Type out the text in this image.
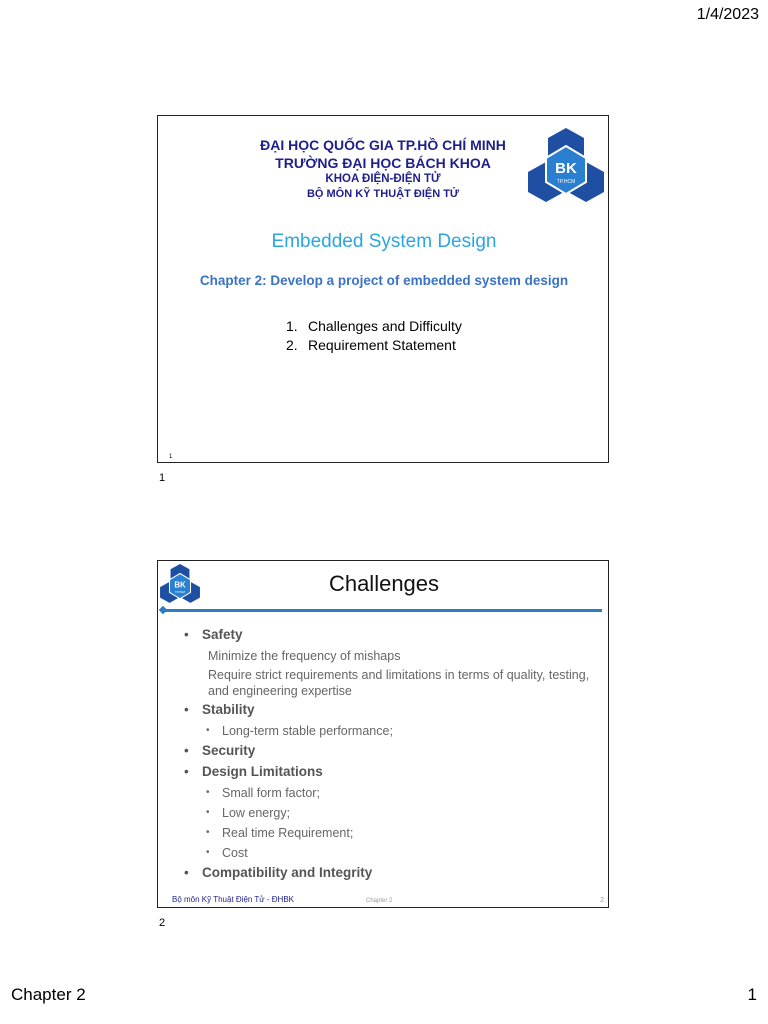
1/4/2023
ĐẠI HỌC QUỐC GIA TP.HỒ CHÍ MINH
TRƯỜNG ĐẠI HỌC BÁCH KHOA
KHOA ĐIỆN-ĐIỆN TỬ
BỘ MÔN KỸ THUẬT ĐIỆN TỬ
BK
TP.HCM
Embedded System Design
Chapter 2: Develop a project of embedded system design
1. Challenges and Difficulty
2. Requirement Statement
1
1
BK
TP.HCM	Challenges
• Safety
Minimize the frequency of mishaps
Require strict requirements and limitations in terms of quality, testing, and engineering expertise
• Stability
• Long-term stable performance;
• Security
• Design Limitations
• Small form factor;
• Low energy;
• Real time Requirement;
• Cost
• Compatibility and Integrity
Bộ môn Kỹ Thuật Điện Tử - ĐHBK	Chapter 2	2
2
Chapter 2	1
